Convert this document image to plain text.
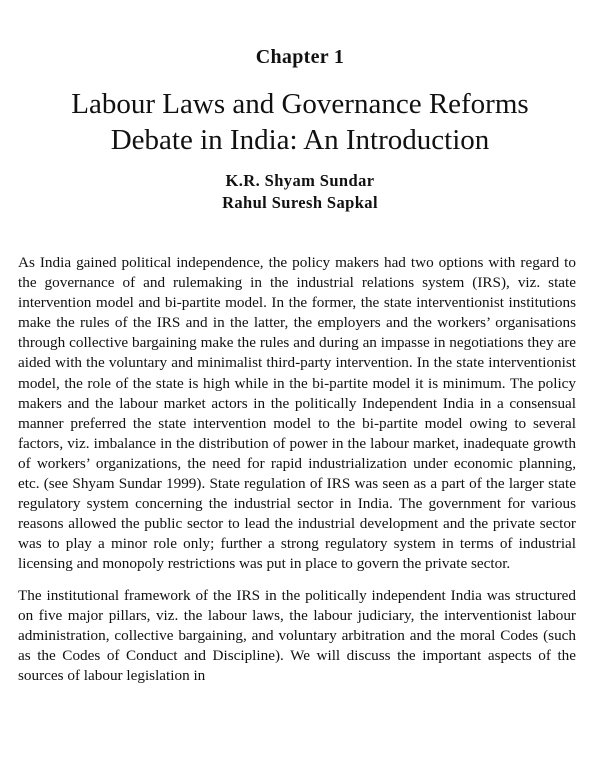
Chapter 1
Labour Laws and Governance Reforms
Debate in India: An Introduction
K.R. Shyam Sundar
Rahul Suresh Sapkal

As India gained political independence, the policy makers had two options with regard to the governance of and rulemaking in the industrial relations system (IRS), viz. state intervention model and bi-partite model. In the former, the state interventionist institutions make the rules of the IRS and in the latter, the employers and the workers’ organisations through collective bargaining make the rules and during an impasse in negotiations they are aided with the voluntary and minimalist third-party intervention. In the state interventionist model, the role of the state is high while in the bi-partite model it is minimum. The policy makers and the labour market actors in the politically Independent India in a consensual manner preferred the state intervention model to the bi-partite model owing to several factors, viz. imbalance in the distribution of power in the labour market, inadequate growth of workers’ organizations, the need for rapid industrialization under economic planning, etc. (see Shyam Sundar 1999). State regulation of IRS was seen as a part of the larger state regulatory system concerning the industrial sector in India. The government for various reasons allowed the public sector to lead the industrial development and the private sector was to play a minor role only; further a strong regulatory system in terms of industrial licensing and monopoly restrictions was put in place to govern the private sector.

The institutional framework of the IRS in the politically independent India was structured on five major pillars, viz. the labour laws, the labour judiciary, the interventionist labour administration, collective bargaining, and voluntary arbitration and the moral Codes (such as the Codes of Conduct and Discipline). We will discuss the important aspects of the sources of labour legislation in
